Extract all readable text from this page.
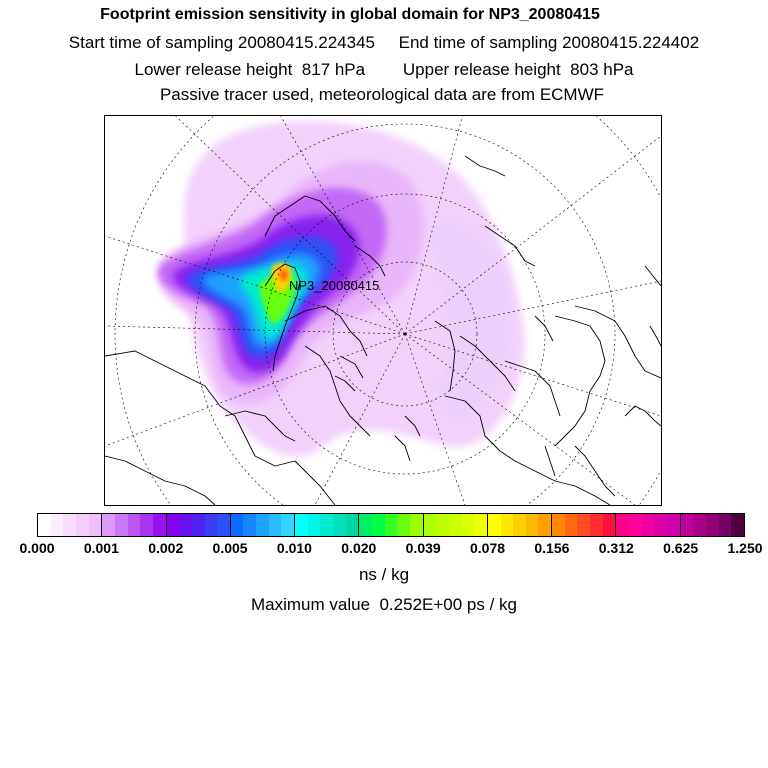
Footprint emission sensitivity in global domain for NP3_20080415
Start time of sampling 20080415.224345     End time of sampling 20080415.224402
Lower release height  817 hPa        Upper release height  803 hPa
Passive tracer used, meteorological data are from ECMWF
NP3_20080415
0.000 0.001 0.002 0.005 0.010 0.020 0.039 0.078 0.156 0.312 0.625 1.250
ns / kg
Maximum value  0.252E+00 ps / kg
